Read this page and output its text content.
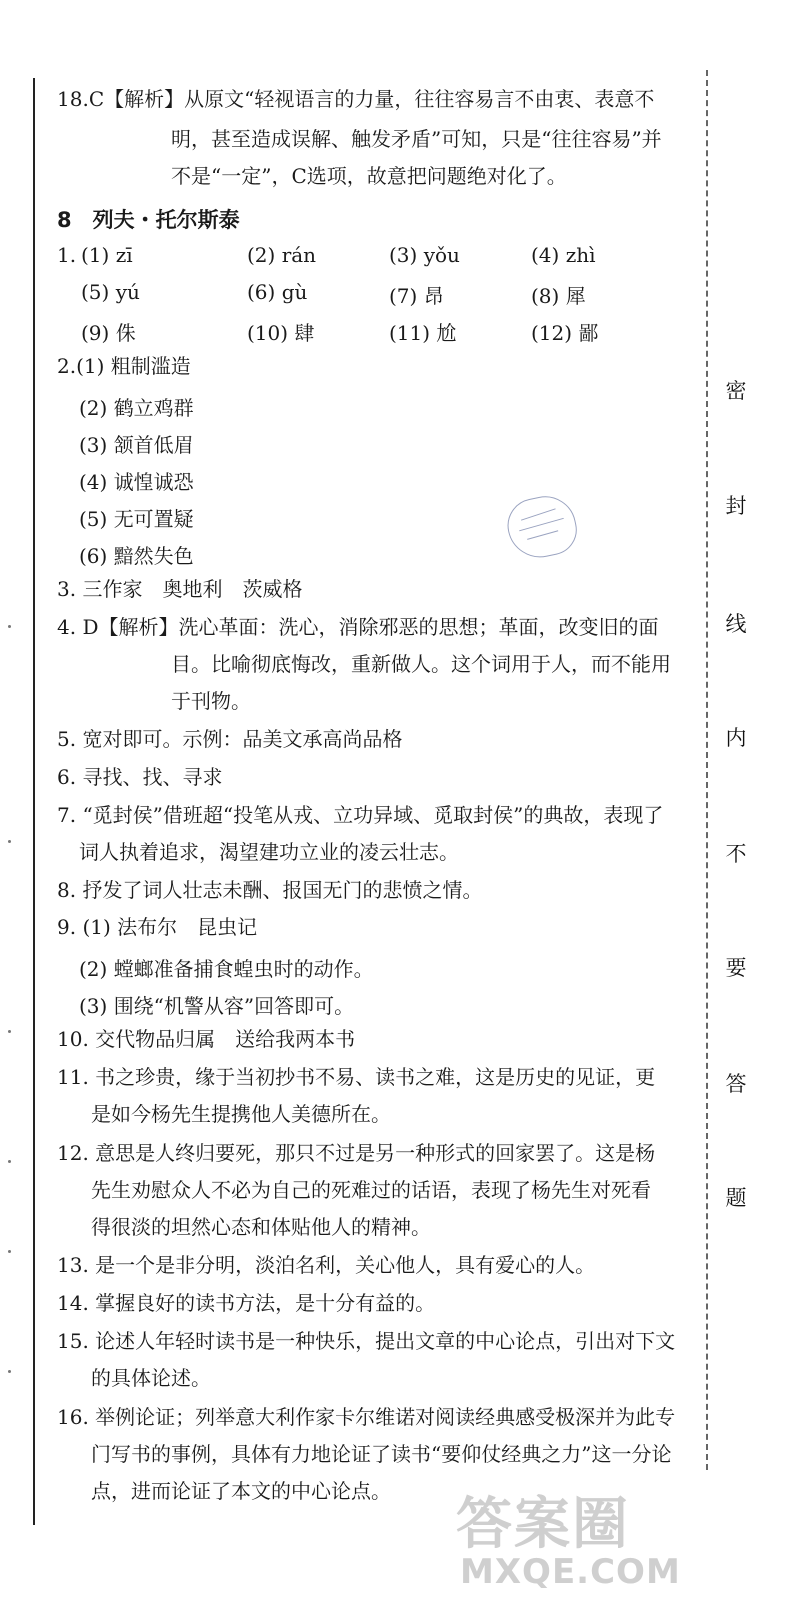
密
封
线
内
不
要
答
题
18.C【解析】从原文“轻视语言的力量，往往容易言不由衷、表意不
明，甚至造成误解、触发矛盾”可知，只是“往往容易”并
不是“一定”，C选项，故意把问题绝对化了。
8　列夫・托尔斯泰
1. (1) zī	(2) rán	(3) yǒu	(4) zhì
(5) yú	(6) gù	(7) 昂	(8) 犀
(9) 侏	(10) 肆	(11) 尬	(12) 鄙
2.(1) 粗制滥造
(2) 鹤立鸡群
(3) 颔首低眉
(4) 诚惶诚恐
(5) 无可置疑
(6) 黯然失色
3. 三作家　奥地利　茨威格
4. D【解析】洗心革面：洗心，消除邪恶的思想；革面，改变旧的面
目。比喻彻底悔改，重新做人。这个词用于人，而不能用
于刊物。
5. 宽对即可。示例：品美文承高尚品格
6. 寻找、找、寻求
7. “觅封侯”借班超“投笔从戎、立功异域、觅取封侯”的典故，表现了
词人执着追求，渴望建功立业的凌云壮志。
8. 抒发了词人壮志未酬、报国无门的悲愤之情。
9. (1) 法布尔　昆虫记
(2) 螳螂准备捕食蝗虫时的动作。
(3) 围绕“机警从容”回答即可。
10. 交代物品归属　送给我两本书
11. 书之珍贵，缘于当初抄书不易、读书之难，这是历史的见证，更
是如今杨先生提携他人美德所在。
12. 意思是人终归要死，那只不过是另一种形式的回家罢了。这是杨
先生劝慰众人不必为自己的死难过的话语，表现了杨先生对死看
得很淡的坦然心态和体贴他人的精神。
13. 是一个是非分明，淡泊名利，关心他人，具有爱心的人。
14. 掌握良好的读书方法，是十分有益的。
15. 论述人年轻时读书是一种快乐，提出文章的中心论点，引出对下文
的具体论述。
16. 举例论证；列举意大利作家卡尔维诺对阅读经典感受极深并为此专
门写书的事例，具体有力地论证了读书“要仰仗经典之力”这一分论
点，进而论证了本文的中心论点。
答案圈
MXQE.COM
